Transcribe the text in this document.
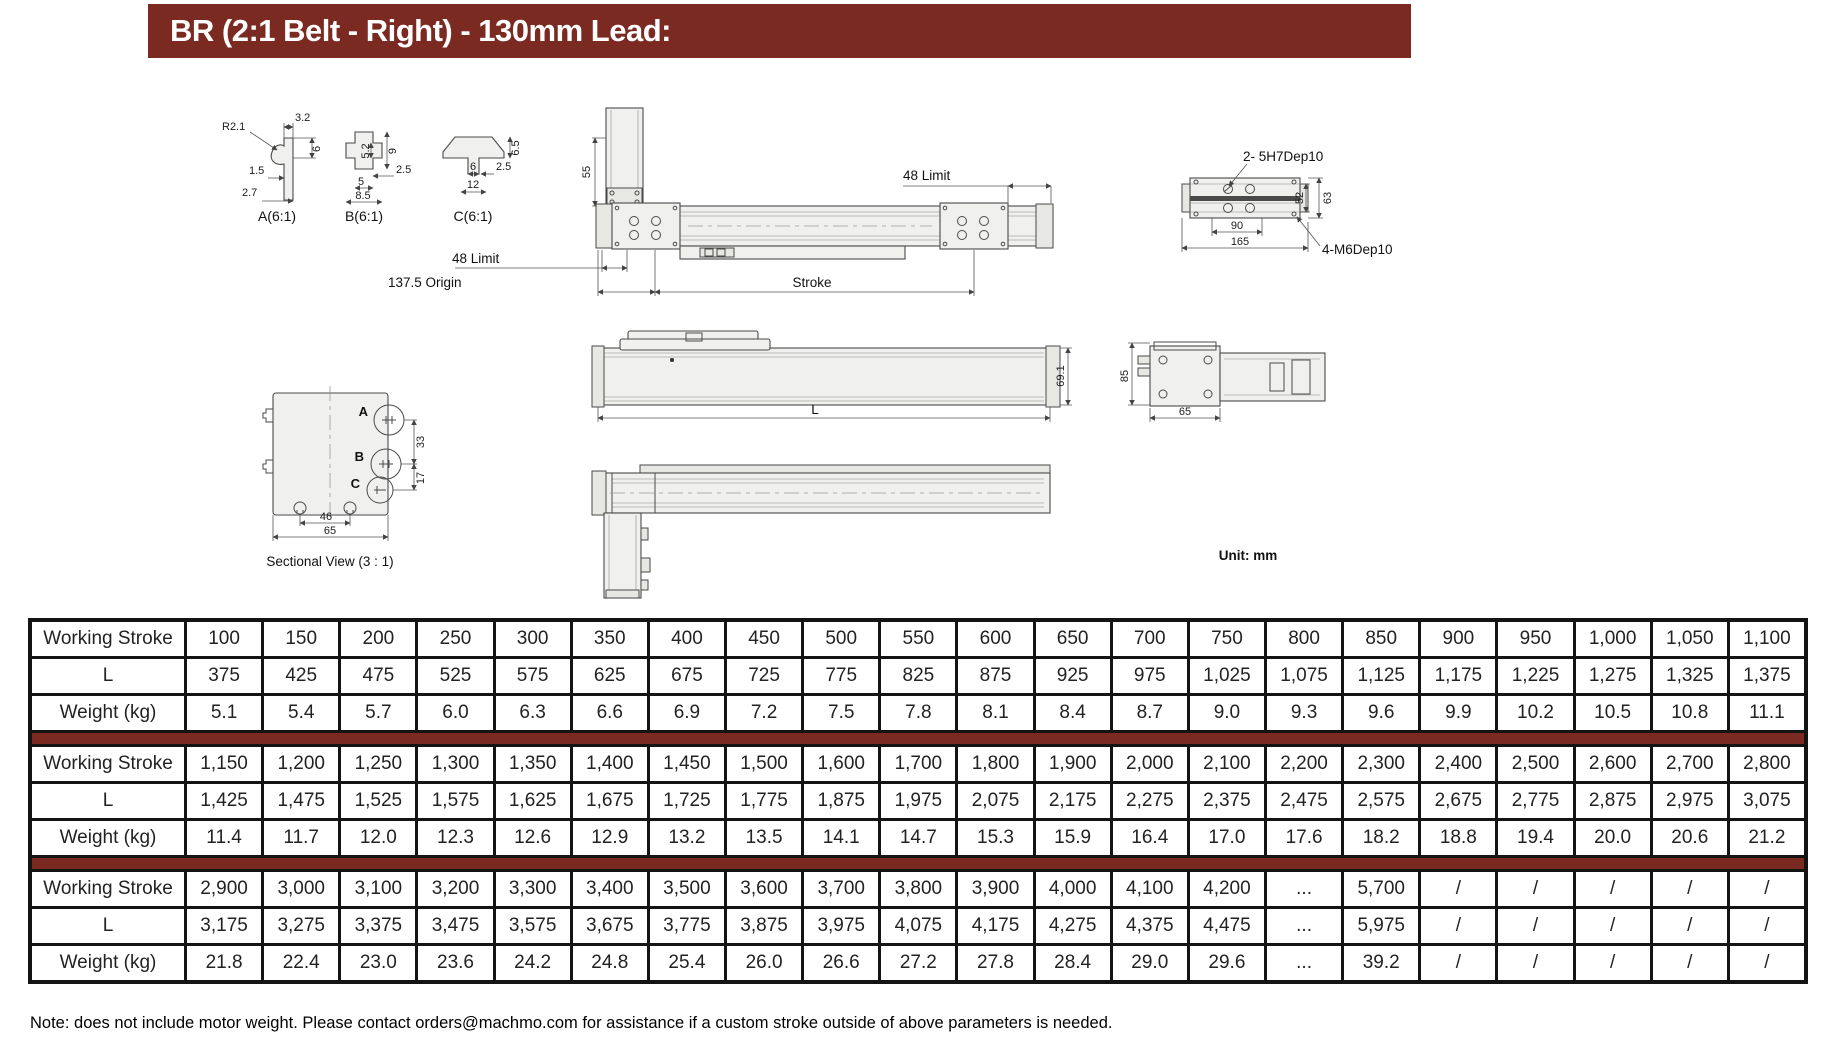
BR (2:1 Belt - Right) - 130mm Lead:
R2.1
3.2
6
1.5
2.7
A(6:1)
5.2 9
2.5
5
8.5
B(6:1)
6.5
6 2.5
12
C(6:1)
55	48 Limit
48 Limit
137.5 Origin	Stroke
2- 5H7Dep10
52 63
90
165	4-M6Dep10
69.1
L
85
65
A
B
C
33
17
46
65
Sectional View (3 : 1)	Unit: mm
Working Stroke	100	150	200	250	300	350	400	450	500	550	600	650	700	750	800	850	900	950	1,000	1,050	1,100
L	375	425	475	525	575	625	675	725	775	825	875	925	975	1,025	1,075	1,125	1,175	1,225	1,275	1,325	1,375
Weight (kg)	5.1	5.4	5.7	6.0	6.3	6.6	6.9	7.2	7.5	7.8	8.1	8.4	8.7	9.0	9.3	9.6	9.9	10.2	10.5	10.8	11.1
Working Stroke	1,150	1,200	1,250	1,300	1,350	1,400	1,450	1,500	1,600	1,700	1,800	1,900	2,000	2,100	2,200	2,300	2,400	2,500	2,600	2,700	2,800
L	1,425	1,475	1,525	1,575	1,625	1,675	1,725	1,775	1,875	1,975	2,075	2,175	2,275	2,375	2,475	2,575	2,675	2,775	2,875	2,975	3,075
Weight (kg)	11.4	11.7	12.0	12.3	12.6	12.9	13.2	13.5	14.1	14.7	15.3	15.9	16.4	17.0	17.6	18.2	18.8	19.4	20.0	20.6	21.2
Working Stroke	2,900	3,000	3,100	3,200	3,300	3,400	3,500	3,600	3,700	3,800	3,900	4,000	4,100	4,200	...	5,700	/	/	/	/	/
L	3,175	3,275	3,375	3,475	3,575	3,675	3,775	3,875	3,975	4,075	4,175	4,275	4,375	4,475	...	5,975	/	/	/	/	/
Weight (kg)	21.8	22.4	23.0	23.6	24.2	24.8	25.4	26.0	26.6	27.2	27.8	28.4	29.0	29.6	...	39.2	/	/	/	/	/
Note: does not include motor weight. Please contact orders@machmo.com for assistance if a custom stroke outside of above parameters is needed.
